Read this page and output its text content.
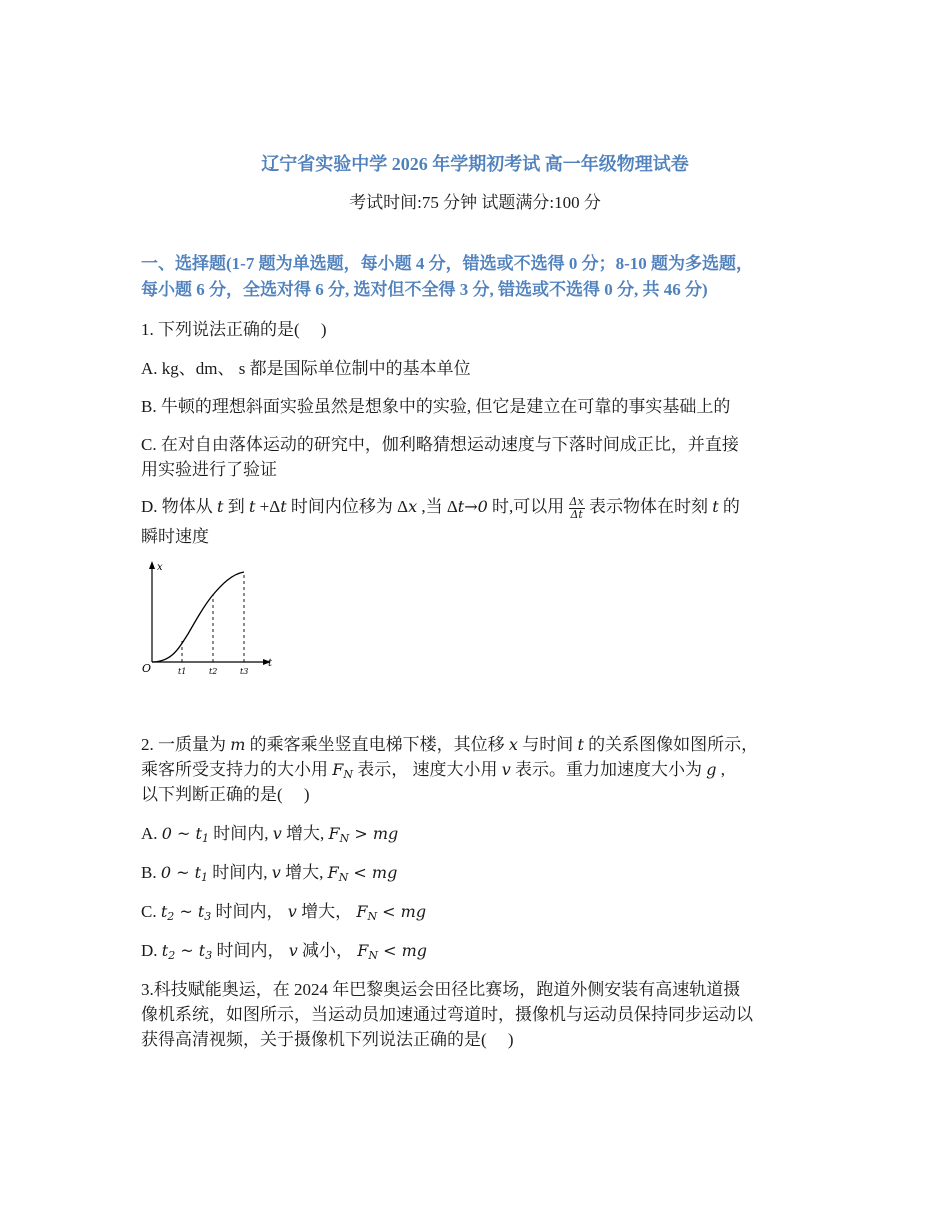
辽宁省实验中学 2026 年学期初考试 高一年级物理试卷
考试时间:75 分钟 试题满分:100 分
一、选择题(1-7 题为单选题，每小题 4 分，错选或不选得 0 分；8-10 题为多选题，
每小题 6 分，全选对得 6 分, 选对但不全得 3 分, 错选或不选得 0 分, 共 46 分)
1. 下列说法正确的是(　 )
A. kg、dm、 s 都是国际单位制中的基本单位
B. 牛顿的理想斜面实验虽然是想象中的实验, 但它是建立在可靠的事实基础上的
C. 在对自由落体运动的研究中，伽利略猜想运动速度与下落时间成正比，并直接
用实验进行了验证
D. 物体从 t 到 t +Δt 时间内位移为 Δx ,当 Δt→0 时,可以用 $\frac{\Delta x}{\Delta t}$ 表示物体在时刻 t 的
瞬时速度
x
t
O	t1	t2	t3
2. 一质量为 m 的乘客乘坐竖直电梯下楼，其位移 x 与时间 t 的关系图像如图所示，
乘客所受支持力的大小用 $F_N$ 表示， 速度大小用 v 表示。重力加速度大小为 g ,
以下判断正确的是(　 )
A. 0 ~ $t_1$ 时间内, v 增大, $F_N$ > mg
B. 0 ~ $t_1$ 时间内, v 增大, $F_N$ < mg
C. $t_2$ ~ $t_3$ 时间内， v 增大， $F_N$ < mg
D. $t_2$ ~ $t_3$ 时间内， v 减小， $F_N$ < mg
3.科技赋能奥运，在 2024 年巴黎奥运会田径比赛场，跑道外侧安装有高速轨道摄
像机系统，如图所示，当运动员加速通过弯道时，摄像机与运动员保持同步运动以
获得高清视频，关于摄像机下列说法正确的是(　 )
